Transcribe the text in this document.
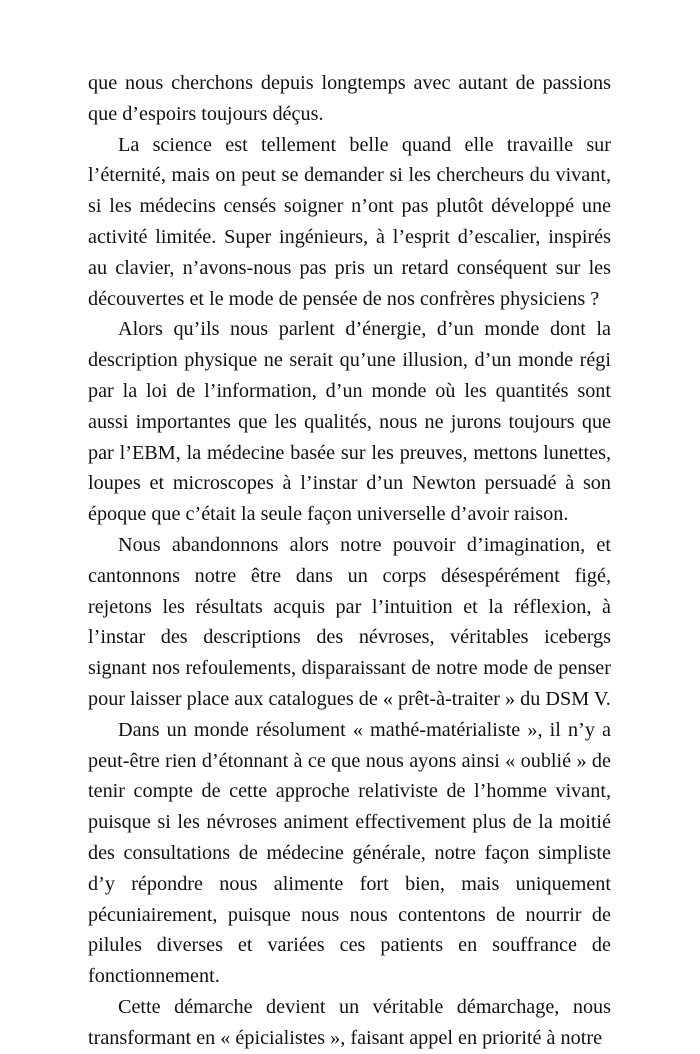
que nous cherchons depuis longtemps avec autant de passions que d’espoirs toujours déçus.

La science est tellement belle quand elle travaille sur l’éternité, mais on peut se demander si les chercheurs du vivant, si les médecins censés soigner n’ont pas plutôt développé une activité limitée. Super ingénieurs, à l’esprit d’escalier, inspirés au clavier, n’avons-nous pas pris un retard conséquent sur les découvertes et le mode de pensée de nos confrères physiciens ?

Alors qu’ils nous parlent d’énergie, d’un monde dont la description physique ne serait qu’une illusion, d’un monde régi par la loi de l’information, d’un monde où les quantités sont aussi importantes que les qualités, nous ne jurons toujours que par l’EBM, la médecine basée sur les preuves, mettons lunettes, loupes et microscopes à l’instar d’un Newton persuadé à son époque que c’était la seule façon universelle d’avoir raison.

Nous abandonnons alors notre pouvoir d’imagination, et cantonnons notre être dans un corps désespérément figé, rejetons les résultats acquis par l’intuition et la réflexion, à l’instar des descriptions des névroses, véritables icebergs signant nos refoulements, disparaissant de notre mode de penser pour laisser place aux catalogues de « prêt-à-traiter » du DSM V.

Dans un monde résolument « mathé-matérialiste », il n’y a peut-être rien d’étonnant à ce que nous ayons ainsi « oublié » de tenir compte de cette approche relativiste de l’homme vivant, puisque si les névroses animent effectivement plus de la moitié des consultations de médecine générale, notre façon simpliste d’y répondre nous alimente fort bien, mais uniquement pécuniairement, puisque nous nous contentons de nourrir de pilules diverses et variées ces patients en souffrance de fonctionnement.

Cette démarche devient un véritable démarchage, nous transformant en « épicialistes », faisant appel en priorité à notre
